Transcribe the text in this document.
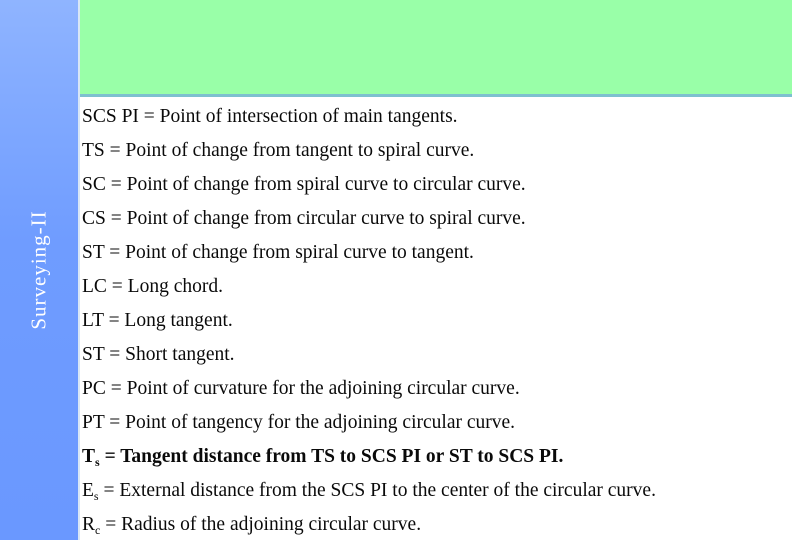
Surveying-II
SCS PI = Point of intersection of main tangents.
TS = Point of change from tangent to spiral curve.
SC = Point of change from spiral curve to circular curve.
CS = Point of change from circular curve to spiral curve.
ST = Point of change from spiral curve to tangent.
LC = Long chord.
LT = Long tangent.
ST = Short tangent.
PC = Point of curvature for the adjoining circular curve.
PT = Point of tangency for the adjoining circular curve.
$T_s$ = Tangent distance from TS to SCS PI or ST to SCS PI.
$E_s$ = External distance from the SCS PI to the center of the circular curve.
$R_c$ = Radius of the adjoining circular curve.
